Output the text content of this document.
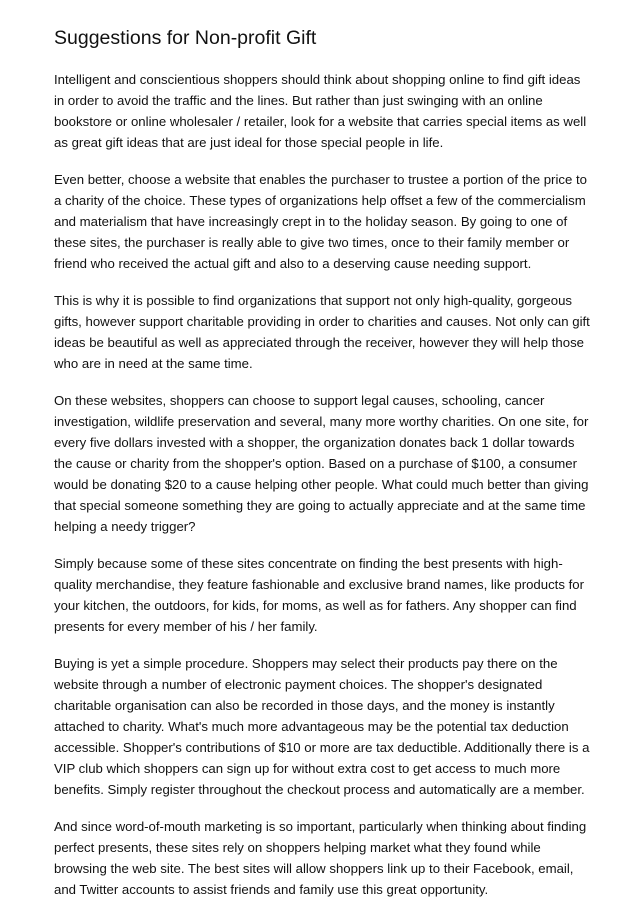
Suggestions for Non-profit Gift

Intelligent and conscientious shoppers should think about shopping online to find gift ideas in order to avoid the traffic and the lines. But rather than just swinging with an online bookstore or online wholesaler / retailer, look for a website that carries special items as well as great gift ideas that are just ideal for those special people in life.

Even better, choose a website that enables the purchaser to trustee a portion of the price to a charity of the choice. These types of organizations help offset a few of the commercialism and materialism that have increasingly crept in to the holiday season. By going to one of these sites, the purchaser is really able to give two times, once to their family member or friend who received the actual gift and also to a deserving cause needing support.

This is why it is possible to find organizations that support not only high-quality, gorgeous gifts, however support charitable providing in order to charities and causes. Not only can gift ideas be beautiful as well as appreciated through the receiver, however they will help those who are in need at the same time.

On these websites, shoppers can choose to support legal causes, schooling, cancer investigation, wildlife preservation and several, many more worthy charities. On one site, for every five dollars invested with a shopper, the organization donates back 1 dollar towards the cause or charity from the shopper's option. Based on a purchase of $100, a consumer would be donating $20 to a cause helping other people. What could much better than giving that special someone something they are going to actually appreciate and at the same time helping a needy trigger?

Simply because some of these sites concentrate on finding the best presents with high-quality merchandise, they feature fashionable and exclusive brand names, like products for your kitchen, the outdoors, for kids, for moms, as well as for fathers. Any shopper can find presents for every member of his / her family.

Buying is yet a simple procedure. Shoppers may select their products pay there on the website through a number of electronic payment choices. The shopper's designated charitable organisation can also be recorded in those days, and the money is instantly attached to charity. What's much more advantageous may be the potential tax deduction accessible. Shopper's contributions of $10 or more are tax deductible. Additionally there is a VIP club which shoppers can sign up for without extra cost to get access to much more benefits. Simply register throughout the checkout process and automatically are a member.

And since word-of-mouth marketing is so important, particularly when thinking about finding perfect presents, these sites rely on shoppers helping market what they found while browsing the web site. The best sites will allow shoppers link up to their Facebook, email, and Twitter accounts to assist friends and family use this great opportunity.
